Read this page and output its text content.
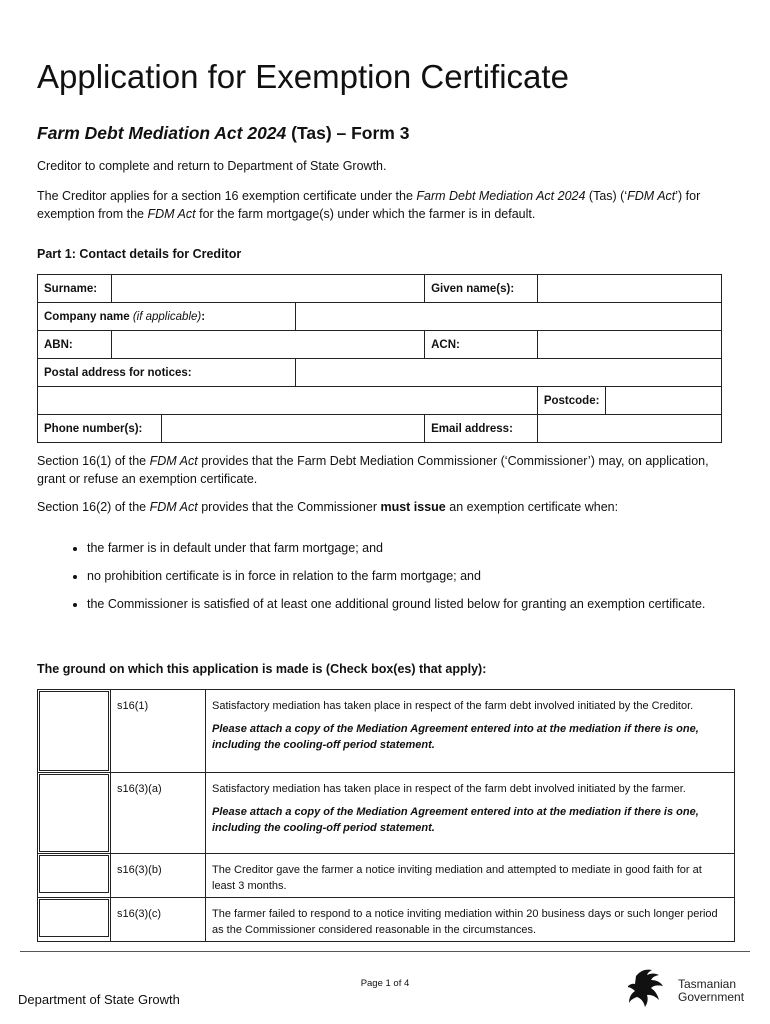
Application for Exemption Certificate
Farm Debt Mediation Act 2024 (Tas) – Form 3

Creditor to complete and return to Department of State Growth.

The Creditor applies for a section 16 exemption certificate under the Farm Debt Mediation Act 2024 (Tas) (‘FDM Act’) for exemption from the FDM Act for the farm mortgage(s) under which the farmer is in default.

Part 1: Contact details for Creditor

Surname:				Given name(s):	
Company name (if applicable):	
ABN:				ACN:	
Postal address for notices:	
	Postcode:	
Phone number(s):				Email address:	

Section 16(1) of the FDM Act provides that the Farm Debt Mediation Commissioner (‘Commissioner’) may, on application, grant or refuse an exemption certificate.

Section 16(2) of the FDM Act provides that the Commissioner must issue an exemption certificate when:

• the farmer is in default under that farm mortgage; and
• no prohibition certificate is in force in relation to the farm mortgage; and
• the Commissioner is satisfied of at least one additional ground listed below for granting an exemption certificate.

The ground on which this application is made is (Check box(es) that apply):

	s16(1)	Satisfactory mediation has taken place in respect of the farm debt involved initiated by the Creditor.
Please attach a copy of the Mediation Agreement entered into at the mediation if there is one, including the cooling-off period statement.

	s16(3)(a)	Satisfactory mediation has taken place in respect of the farm debt involved initiated by the farmer.
Please attach a copy of the Mediation Agreement entered into at the mediation if there is one, including the cooling-off period statement.

	s16(3)(b)	The Creditor gave the farmer a notice inviting mediation and attempted to mediate in good faith for at least 3 months.

	s16(3)(c)	The farmer failed to respond to a notice inviting mediation within 20 business days or such longer period as the Commissioner considered reasonable in the circumstances.
Page 1 of 4
Department of State Growth
Tasmanian
Government
